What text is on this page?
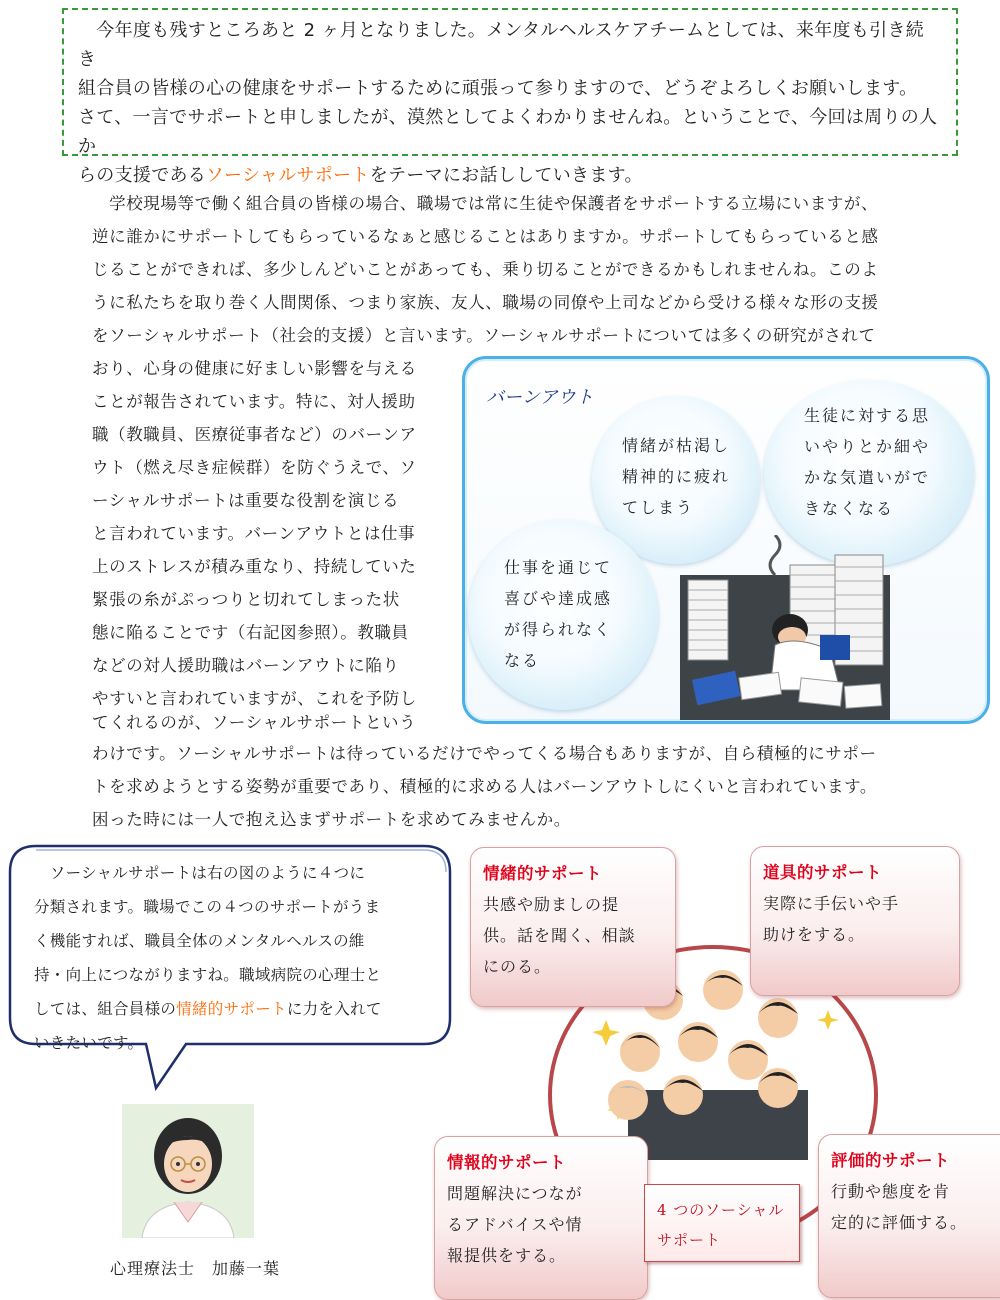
　今年度も残すところあと 2 ヶ月となりました。メンタルヘルスケアチームとしては、来年度も引き続き
組合員の皆様の心の健康をサポートするために頑張って参りますので、どうぞよろしくお願いします。
さて、一言でサポートと申しましたが、漠然としてよくわかりませんね。ということで、今回は周りの人か
らの支援であるソーシャルサポートをテーマにお話ししていきます。
　学校現場等で働く組合員の皆様の場合、職場では常に生徒や保護者をサポートする立場にいますが、
逆に誰かにサポートしてもらっているなぁと感じることはありますか。サポートしてもらっていると感
じることができれば、多少しんどいことがあっても、乗り切ることができるかもしれませんね。このよ
うに私たちを取り巻く人間関係、つまり家族、友人、職場の同僚や上司などから受ける様々な形の支援
をソーシャルサポート（社会的支援）と言います。ソーシャルサポートについては多くの研究がされて
おり、心身の健康に好ましい影響を与える
ことが報告されています。特に、対人援助
職（教職員、医療従事者など）のバーンア
ウト（燃え尽き症候群）を防ぐうえで、ソ
ーシャルサポートは重要な役割を演じる
と言われています。バーンアウトとは仕事
上のストレスが積み重なり、持続していた
緊張の糸がぷっつりと切れてしまった状
態に陥ることです（右記図参照）。教職員
などの対人援助職はバーンアウトに陥り
やすいと言われていますが、これを予防し
てくれるのが、ソーシャルサポートという
わけです。ソーシャルサポートは待っているだけでやってくる場合もありますが、自ら積極的にサポー
トを求めようとする姿勢が重要であり、積極的に求める人はバーンアウトしにくいと言われています。
困った時には一人で抱え込まずサポートを求めてみませんか。
バーンアウト
情緒が枯渇し
精神的に疲れ
てしまう
生徒に対する思
いやりとか細や
かな気遣いがで
きなくなる
仕事を通じて
喜びや達成感
が得られなく
なる
　ソーシャルサポートは右の図のように４つに
分類されます。職場でこの４つのサポートがうま
く機能すれば、職員全体のメンタルヘルスの維
持・向上につながりますね。職域病院の心理士と
しては、組合員様の情緒的サポートに力を入れて
いきたいです。
心理療法士　加藤一葉
情緒的サポート
共感や励ましの提
供。話を聞く、相談
にのる。
道具的サポート
実際に手伝いや手
助けをする。
情報的サポート
問題解決につなが
るアドバイスや情
報提供をする。
評価的サポート
行動や態度を肯
定的に評価する。
4 つのソーシャル
サポート
